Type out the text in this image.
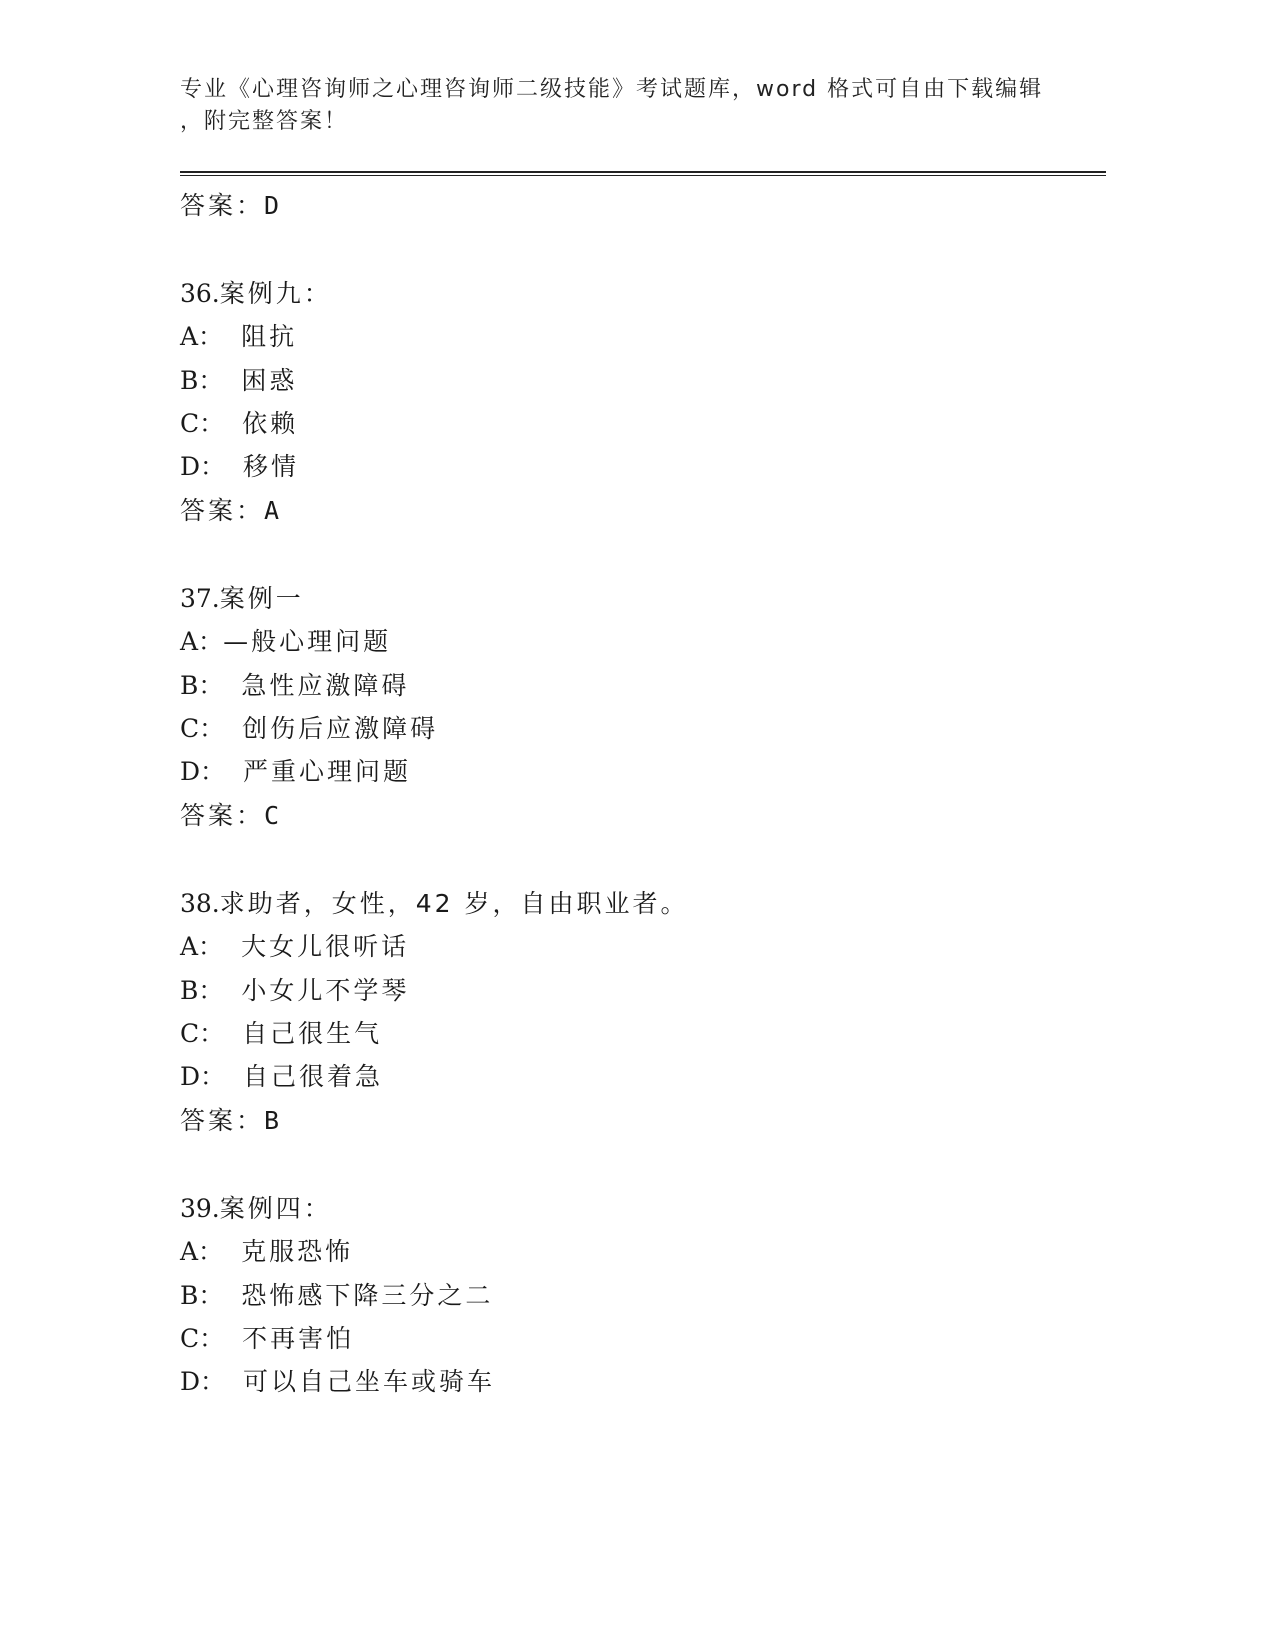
专业《心理咨询师之心理咨询师二级技能》考试题库，word 格式可自由下载编辑
，附完整答案！
答案：D
36.案例九：
A： 阻抗
B： 困惑
C： 依赖
D： 移情
答案：A
37.案例一
A：—般心理问题
B： 急性应激障碍
C： 创伤后应激障碍
D： 严重心理问题
答案：C
38.求助者，女性，42 岁，自由职业者。
A： 大女儿很听话
B： 小女儿不学琴
C： 自己很生气
D： 自己很着急
答案：B
39.案例四：
A： 克服恐怖
B： 恐怖感下降三分之二
C： 不再害怕
D： 可以自己坐车或骑车
